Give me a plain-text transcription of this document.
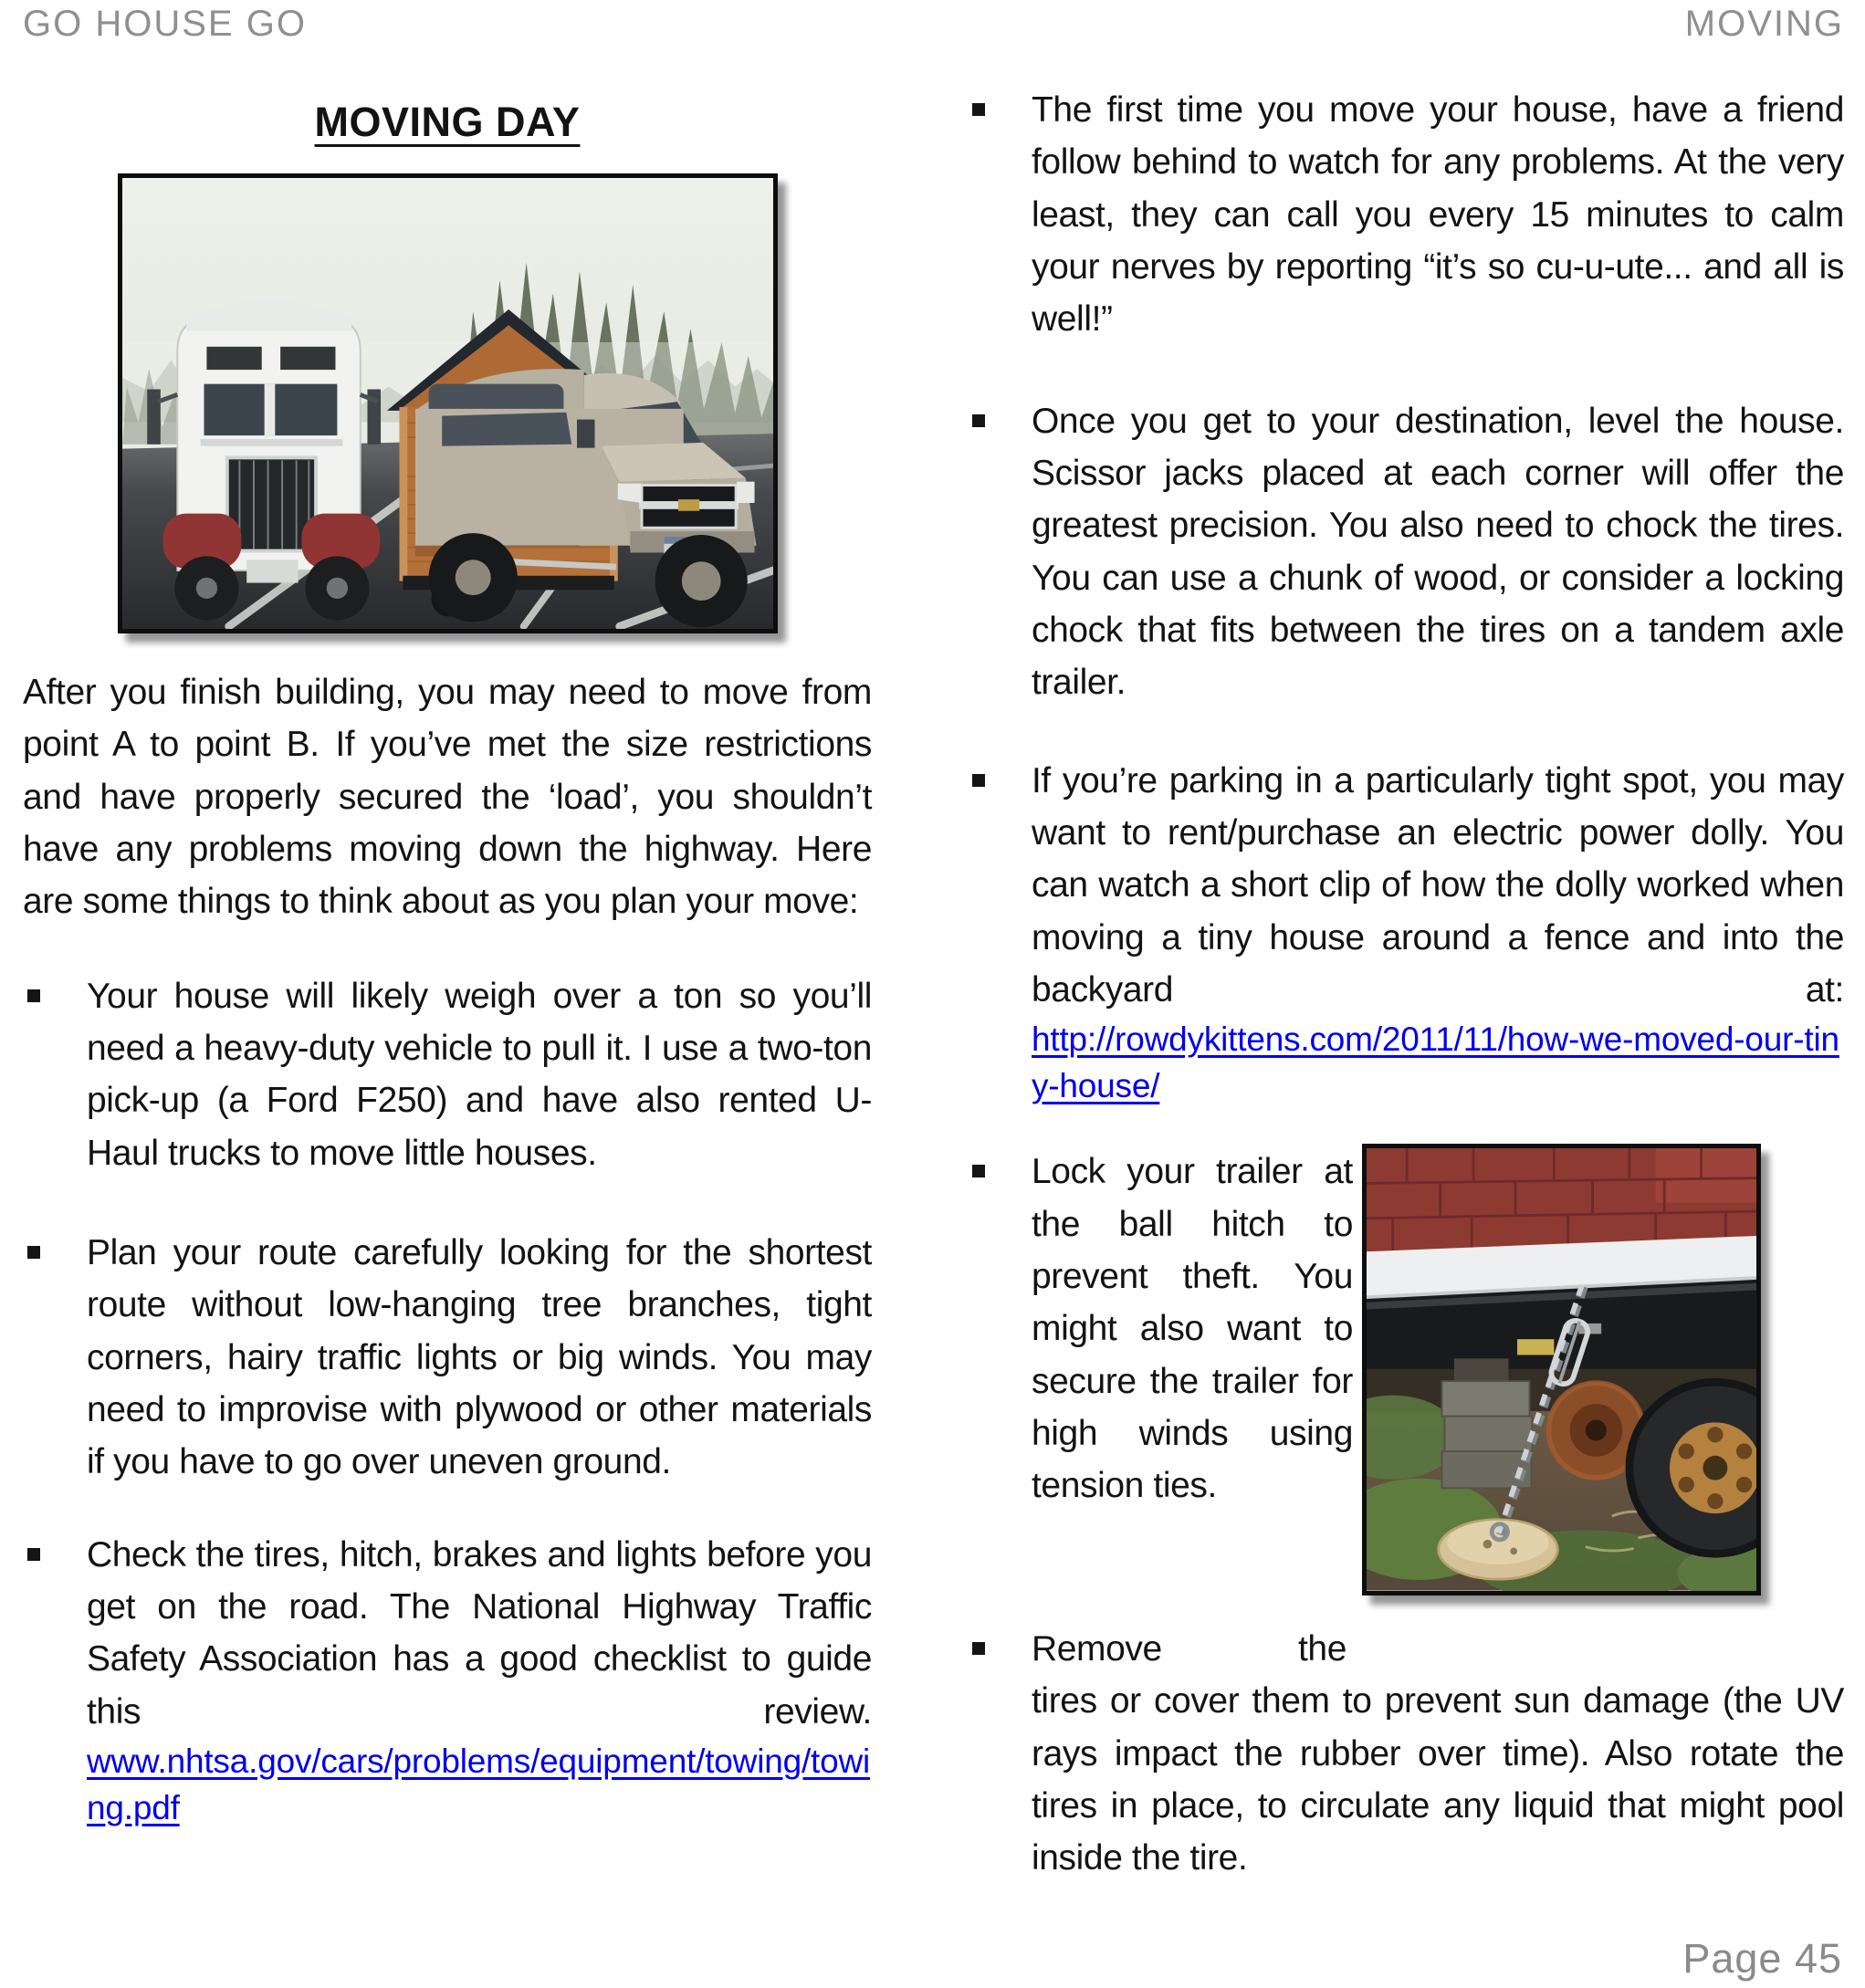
GO HOUSE GO	MOVING
MOVING DAY
After you finish building, you may need to move from point A to point B. If you’ve met the size restrictions and have properly secured the ‘load’, you shouldn’t have any problems moving down the highway. Here are some things to think about as you plan your move:
Your house will likely weigh over a ton so you’ll need a heavy-duty vehicle to pull it. I use a two-ton pick-up (a Ford F250) and have also rented U-Haul trucks to move little houses.
Plan your route carefully looking for the shortest route without low-hanging tree branches, tight corners, hairy traffic lights or big winds. You may need to improvise with plywood or other materials if you have to go over uneven ground.
Check the tires, hitch, brakes and lights before you get on the road. The National Highway Traffic Safety Association has a good checklist to guide this review.
www.nhtsa.gov/cars/problems/equipment/towing/towing.pdf
The first time you move your house, have a friend follow behind to watch for any problems. At the very least, they can call you every 15 minutes to calm your nerves by reporting “it’s so cu-u-ute... and all is well!”
Once you get to your destination, level the house. Scissor jacks placed at each corner will offer the greatest precision. You also need to chock the tires. You can use a chunk of wood, or consider a locking chock that fits between the tires on a tandem axle trailer.
If you’re parking in a particularly tight spot, you may want to rent/purchase an electric power dolly. You can watch a short clip of how the dolly worked when moving a tiny house around a fence and into the backyard at:
http://rowdykittens.com/2011/11/how-we-moved-our-tiny-house/
Lock your trailer at the ball hitch to prevent theft. You might also want to secure the trailer for high winds using tension ties.
Remove	the
tires or cover them to prevent sun damage (the UV rays impact the rubber over time). Also rotate the tires in place, to circulate any liquid that might pool inside the tire.
Page 45
